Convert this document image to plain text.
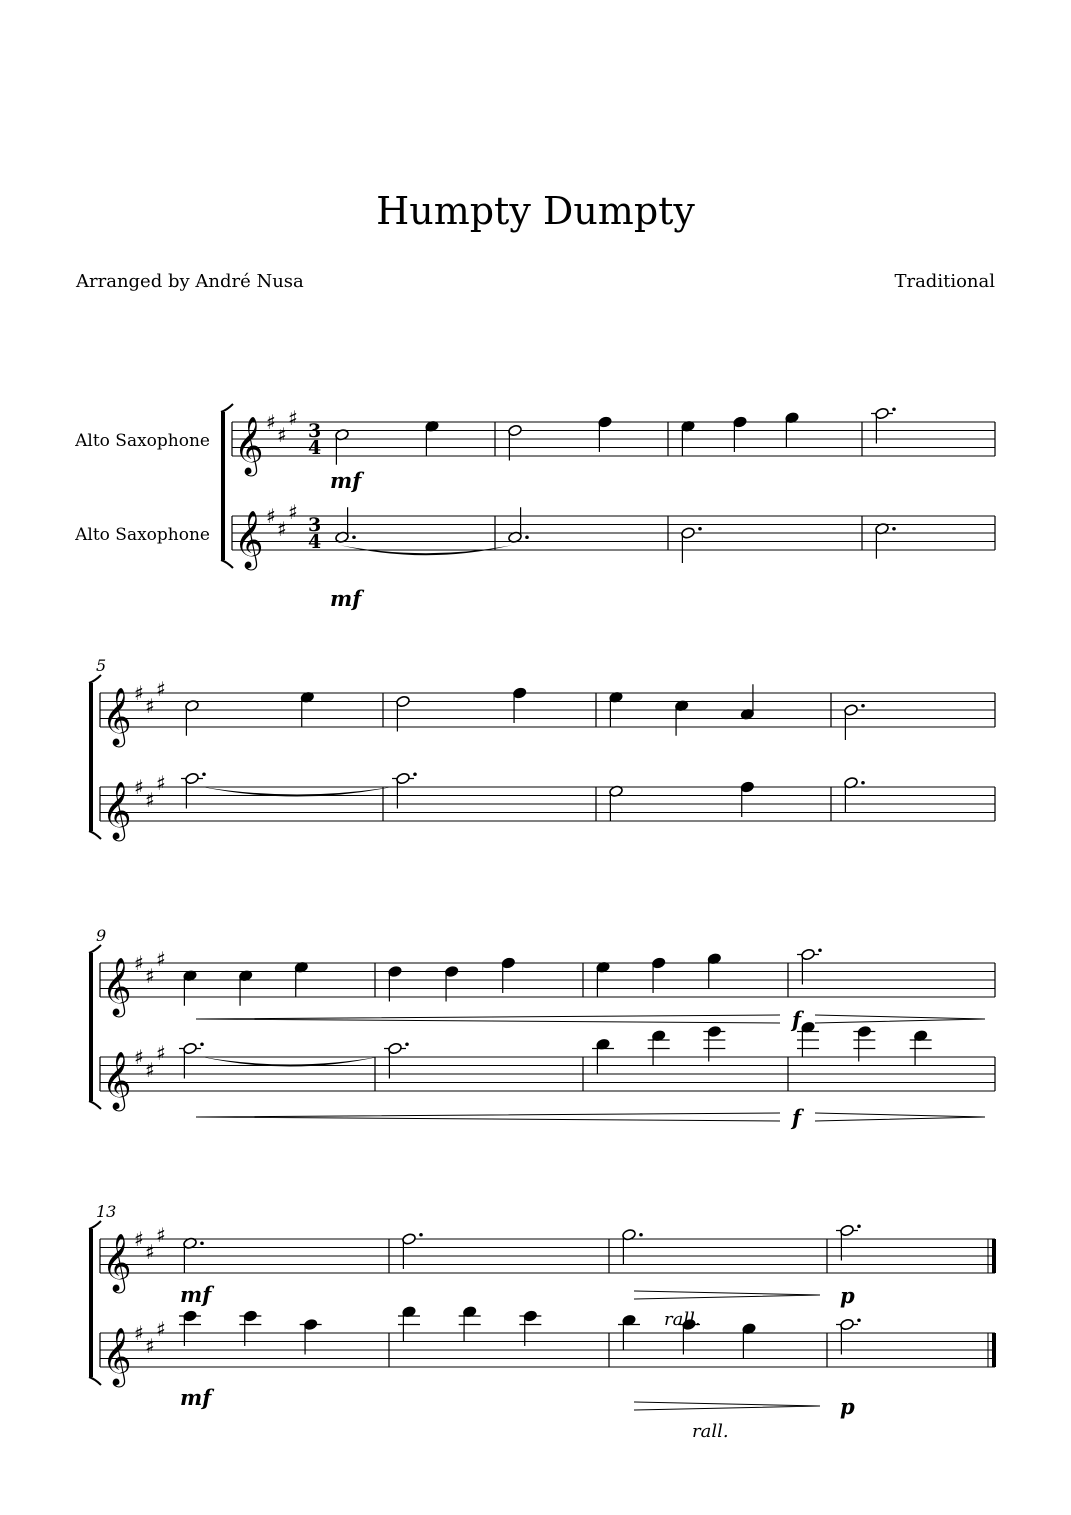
Humpty Dumpty
Arranged by André Nusa	Traditional
𝄞 ♯
♯
♯
3
4
Alto Saxophone
𝄞 ♯
♯
♯
3
4
Alto Saxophone
5
𝄞 ♯
♯
♯
𝄞 ♯
♯
♯
9
𝄞 ♯
♯
♯
𝄞 ♯
♯
♯
13
𝄞 ♯
♯
♯
𝄞 ♯
♯
♯
mf
mf
f
f
mf
mf
rall.
p
rall.
p
